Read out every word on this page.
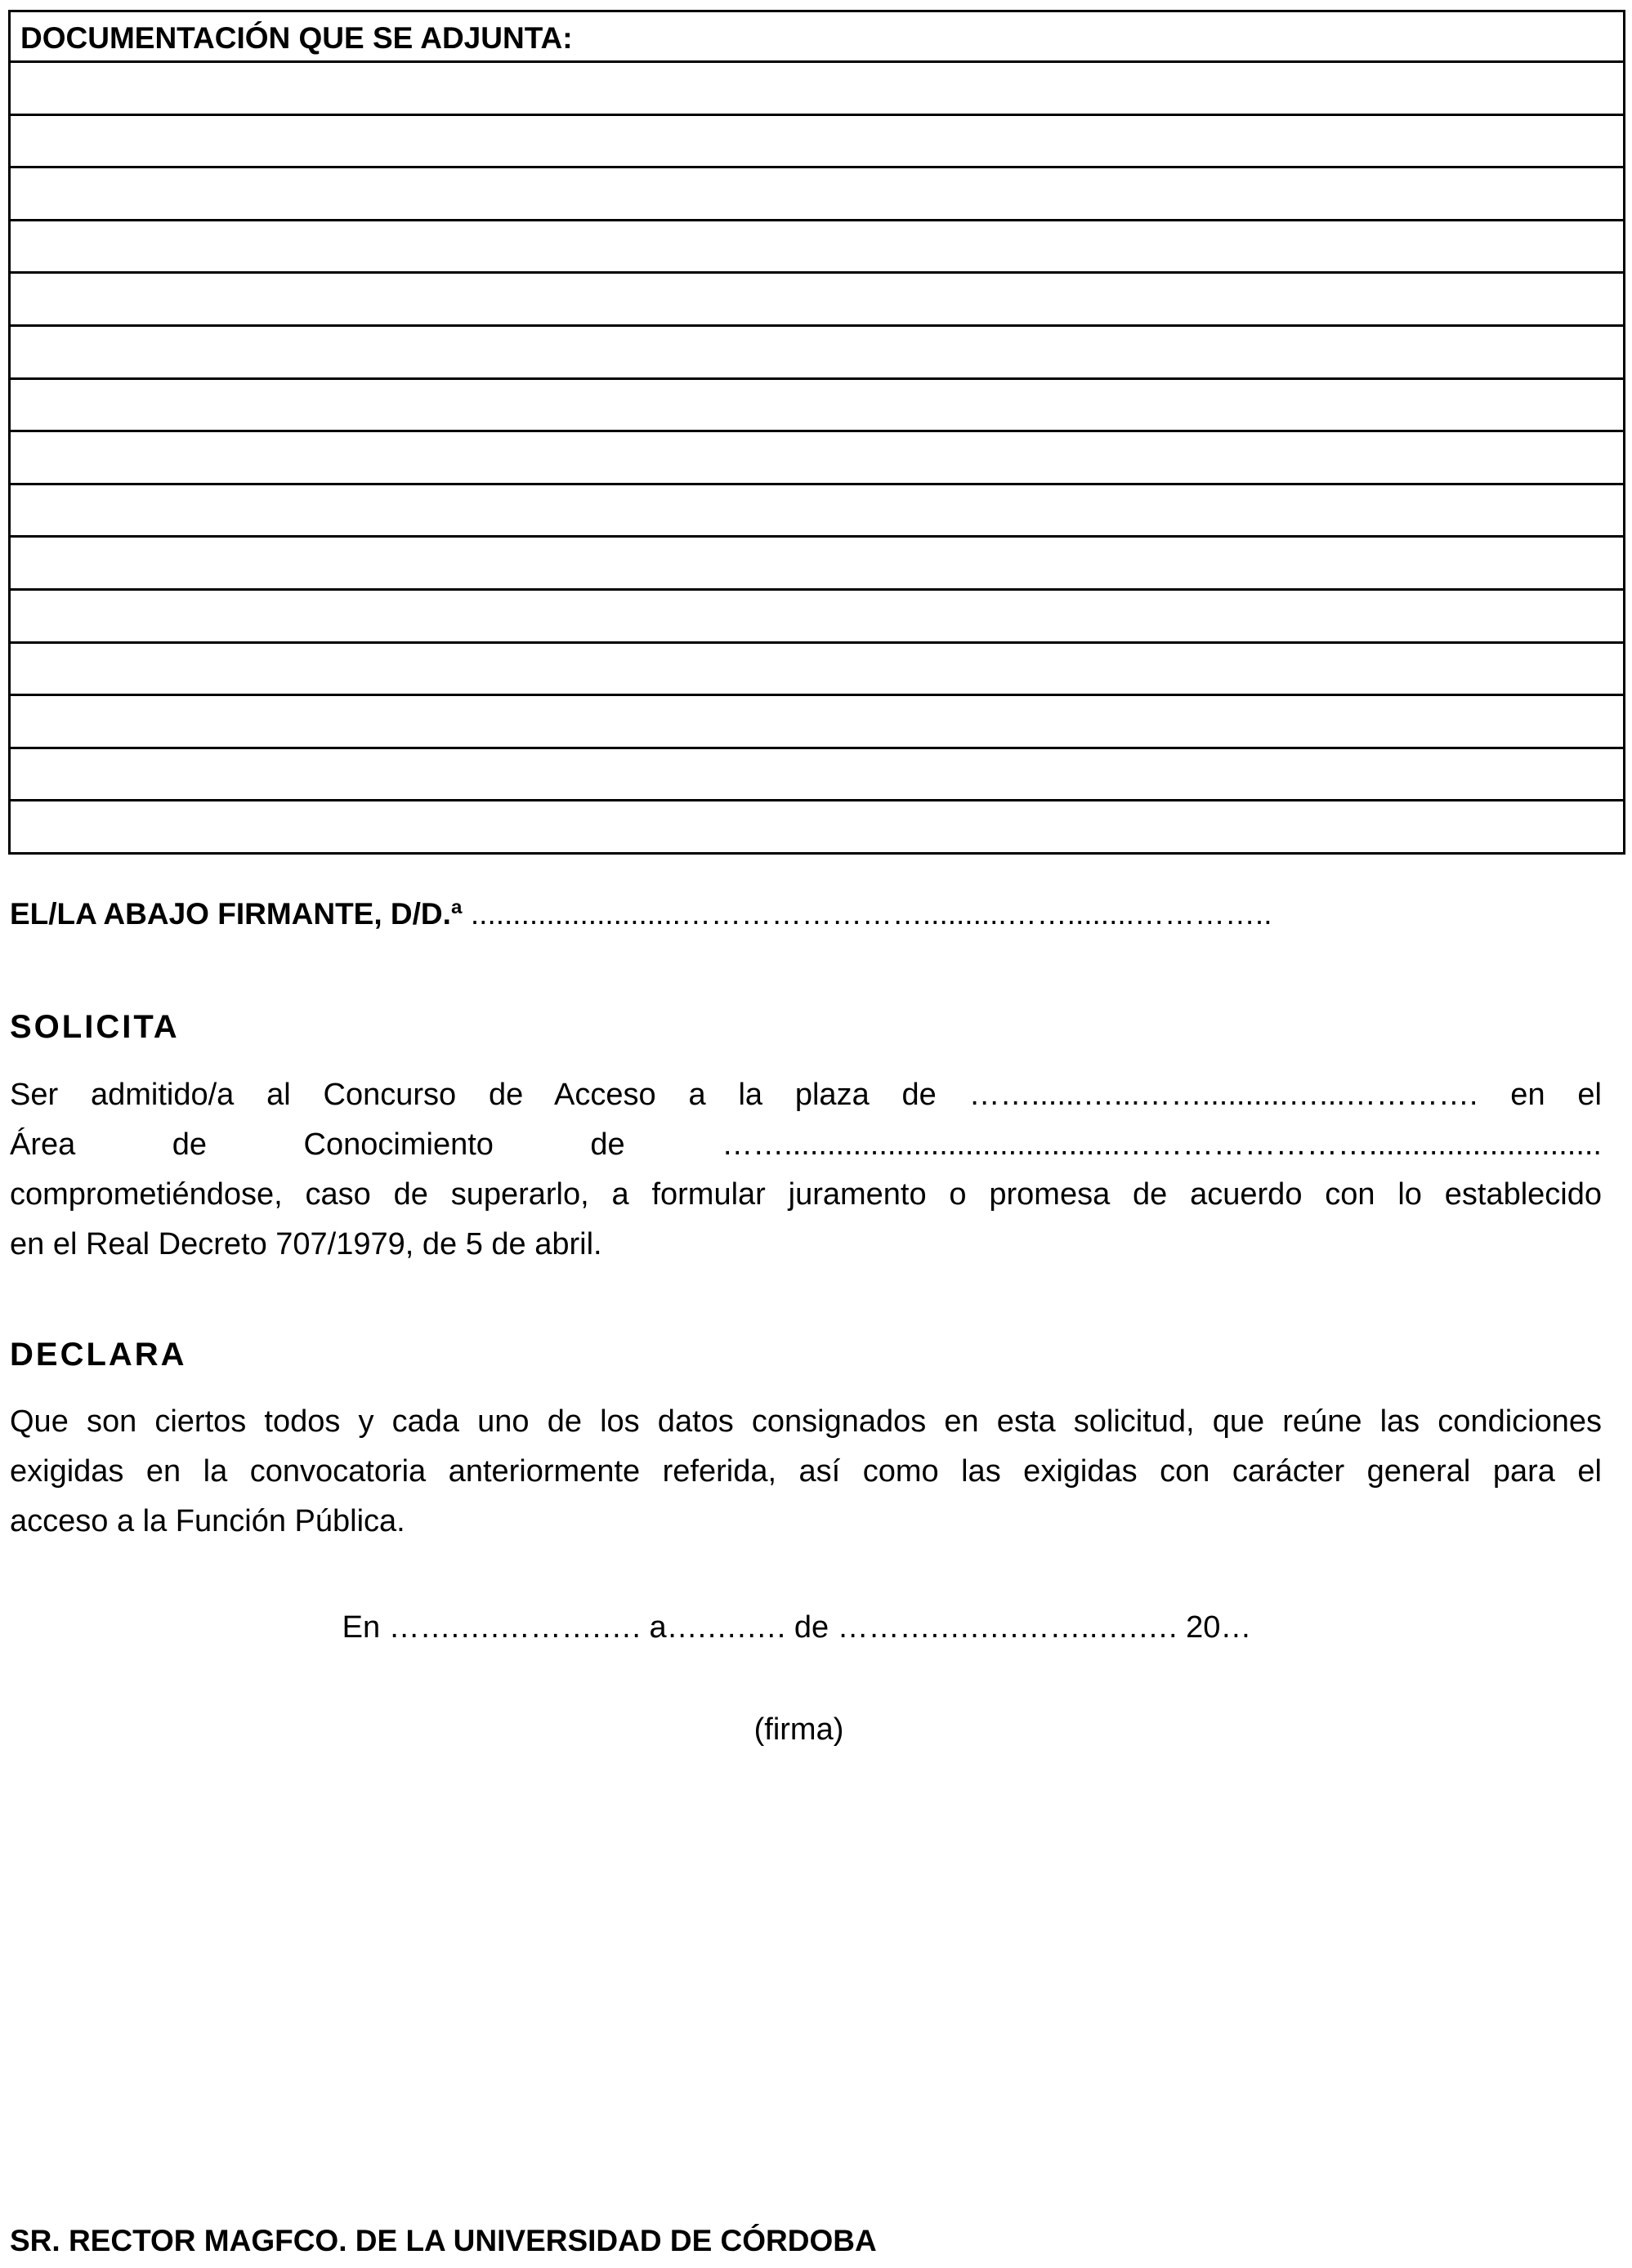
DOCUMENTACIÓN QUE SE ADJUNTA:
EL/LA ABAJO FIRMANTE, D/D.ª .........................……………………..........……........…………..
SOLICITA
Ser admitido/a al Concurso de Acceso a la plaza de ……......…...……..........…...…………. en el
Área de Conocimiento de …….......................................……………………...........................
comprometiéndose, caso de superarlo, a formular juramento o promesa de acuerdo con lo establecido
en el Real Decreto 707/1979, de 5 de abril.
DECLARA
Que son ciertos todos y cada uno de los datos consignados en esta solicitud, que reúne las condiciones
exigidas en la convocatoria anteriormente referida, así como las exigidas con carácter general para el
acceso a la Función Pública.
En …….….……….…. a….….…. de ……….….….……..….…. 20…
(firma)
SR. RECTOR MAGFCO. DE LA UNIVERSIDAD DE CÓRDOBA
